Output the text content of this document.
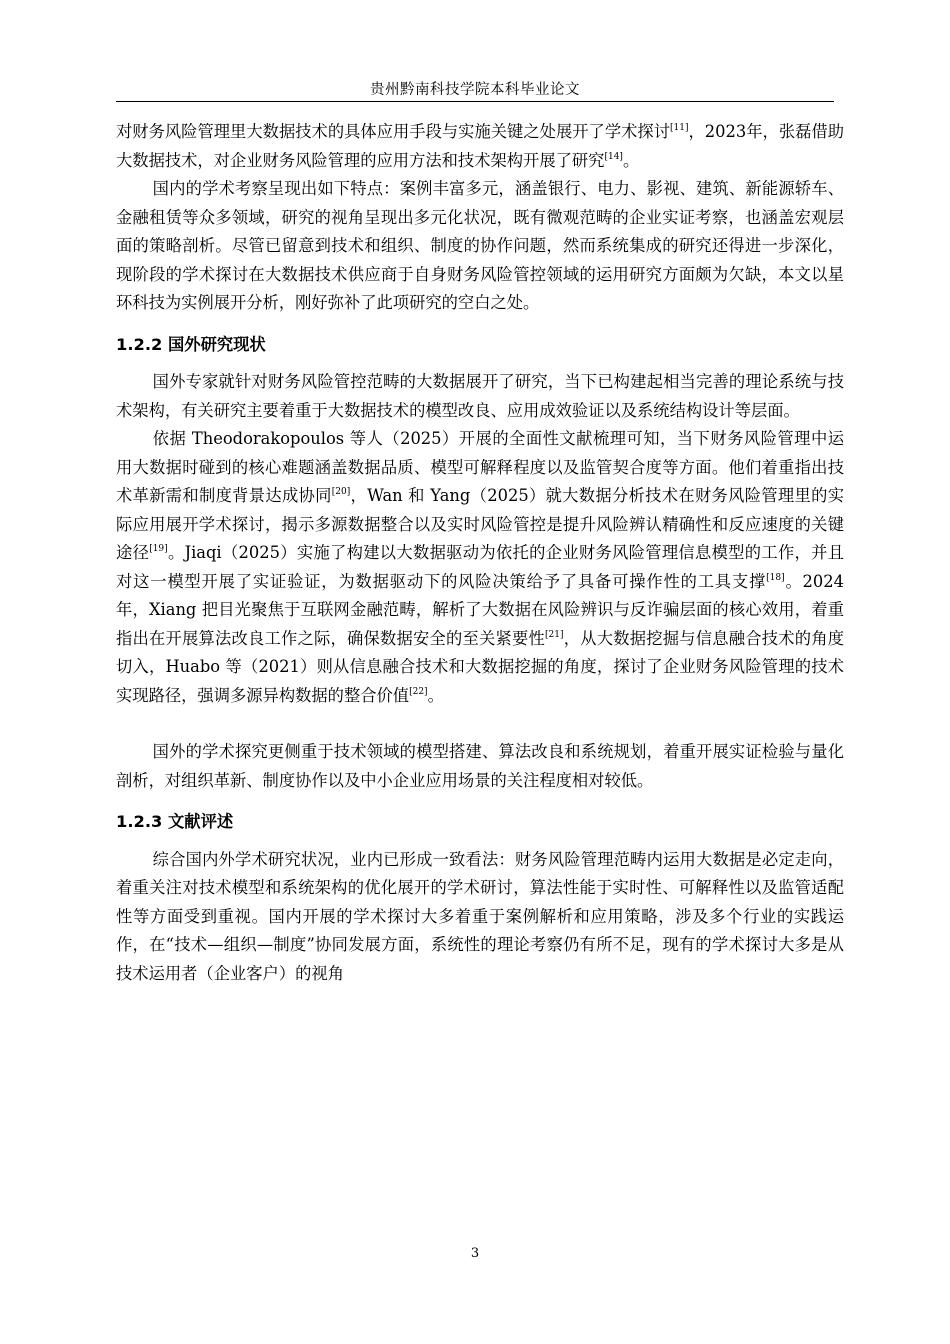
贵州黔南科技学院本科毕业论文

对财务风险管理里大数据技术的具体应用手段与实施关键之处展开了学术探讨[11]，2023年，张磊借助大数据技术，对企业财务风险管理的应用方法和技术架构开展了研究[14]。

国内的学术考察呈现出如下特点：案例丰富多元，涵盖银行、电力、影视、建筑、新能源轿车、金融租赁等众多领域，研究的视角呈现出多元化状况，既有微观范畴的企业实证考察，也涵盖宏观层面的策略剖析。尽管已留意到技术和组织、制度的协作问题，然而系统集成的研究还得进一步深化，现阶段的学术探讨在大数据技术供应商于自身财务风险管控领域的运用研究方面颇为欠缺，本文以星环科技为实例展开分析，刚好弥补了此项研究的空白之处。

1.2.2 国外研究现状

国外专家就针对财务风险管控范畴的大数据展开了研究，当下已构建起相当完善的理论系统与技术架构，有关研究主要着重于大数据技术的模型改良、应用成效验证以及系统结构设计等层面。

依据 Theodorakopoulos 等人（2025）开展的全面性文献梳理可知，当下财务风险管理中运用大数据时碰到的核心难题涵盖数据品质、模型可解释程度以及监管契合度等方面。他们着重指出技术革新需和制度背景达成协同[20]，Wan 和 Yang（2025）就大数据分析技术在财务风险管理里的实际应用展开学术探讨，揭示多源数据整合以及实时风险管控是提升风险辨认精确性和反应速度的关键途径[19]。Jiaqi（2025）实施了构建以大数据驱动为依托的企业财务风险管理信息模型的工作，并且对这一模型开展了实证验证，为数据驱动下的风险决策给予了具备可操作性的工具支撑[18]。2024 年，Xiang 把目光聚焦于互联网金融范畴，解析了大数据在风险辨识与反诈骗层面的核心效用，着重指出在开展算法改良工作之际，确保数据安全的至关紧要性[21]，从大数据挖掘与信息融合技术的角度切入，Huabo 等（2021）则从信息融合技术和大数据挖掘的角度，探讨了企业财务风险管理的技术实现路径，强调多源异构数据的整合价值[22]。

国外的学术探究更侧重于技术领域的模型搭建、算法改良和系统规划，着重开展实证检验与量化剖析，对组织革新、制度协作以及中小企业应用场景的关注程度相对较低。

1.2.3 文献评述

综合国内外学术研究状况，业内已形成一致看法：财务风险管理范畴内运用大数据是必定走向，着重关注对技术模型和系统架构的优化展开的学术研讨，算法性能于实时性、可解释性以及监管适配性等方面受到重视。国内开展的学术探讨大多着重于案例解析和应用策略，涉及多个行业的实践运作，在“技术—组织—制度”协同发展方面，系统性的理论考察仍有所不足，现有的学术探讨大多是从技术运用者（企业客户）的视角

3
